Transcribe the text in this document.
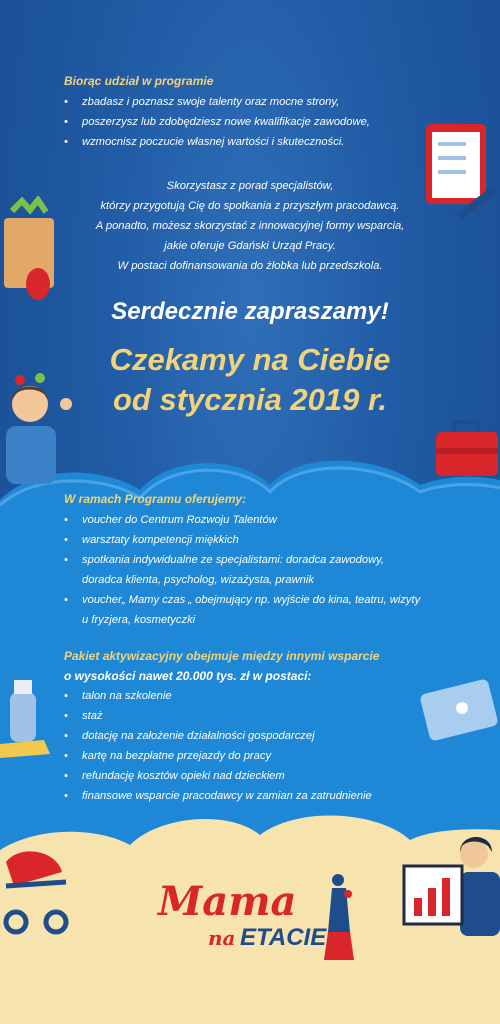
Biorąc udział w programie
• zbadasz i poznasz swoje talenty oraz mocne strony,
• poszerzysz lub zdobędziesz nowe kwalifikacje zawodowe,
• wzmocnisz poczucie własnej wartości i skuteczności.
Skorzystasz z porad specjalistów,
którzy przygotują Cię do spotkania z przyszłym pracodawcą.
A ponadto, możesz skorzystać z innowacyjnej formy wsparcia,
jakie oferuje Gdański Urząd Pracy.
W postaci dofinansowania do żłobka lub przedszkola.
Serdecznie zapraszamy!
Czekamy na Ciebie
od stycznia 2019 r.
W ramach Programu oferujemy:
• voucher do Centrum Rozwoju Talentów
• warsztaty kompetencji miękkich
• spotkania indywidualne ze specjalistami: doradca zawodowy,
doradca klienta, psycholog, wizażysta, prawnik
• voucher„ Mamy czas „ obejmujący np. wyjście do kina, teatru, wizyty
u fryzjera, kosmetyczki
Pakiet aktywizacyjny obejmuje między innymi wsparcie
o wysokości nawet 20.000 tys. zł w postaci:
• talon na szkolenie
• staż
• dotację na założenie działalności gospodarczej
• kartę na bezpłatne przejazdy do pracy
• refundację kosztów opieki nad dzieckiem
• finansowe wsparcie pracodawcy w zamian za zatrudnienie
Mama
na ETACIE
